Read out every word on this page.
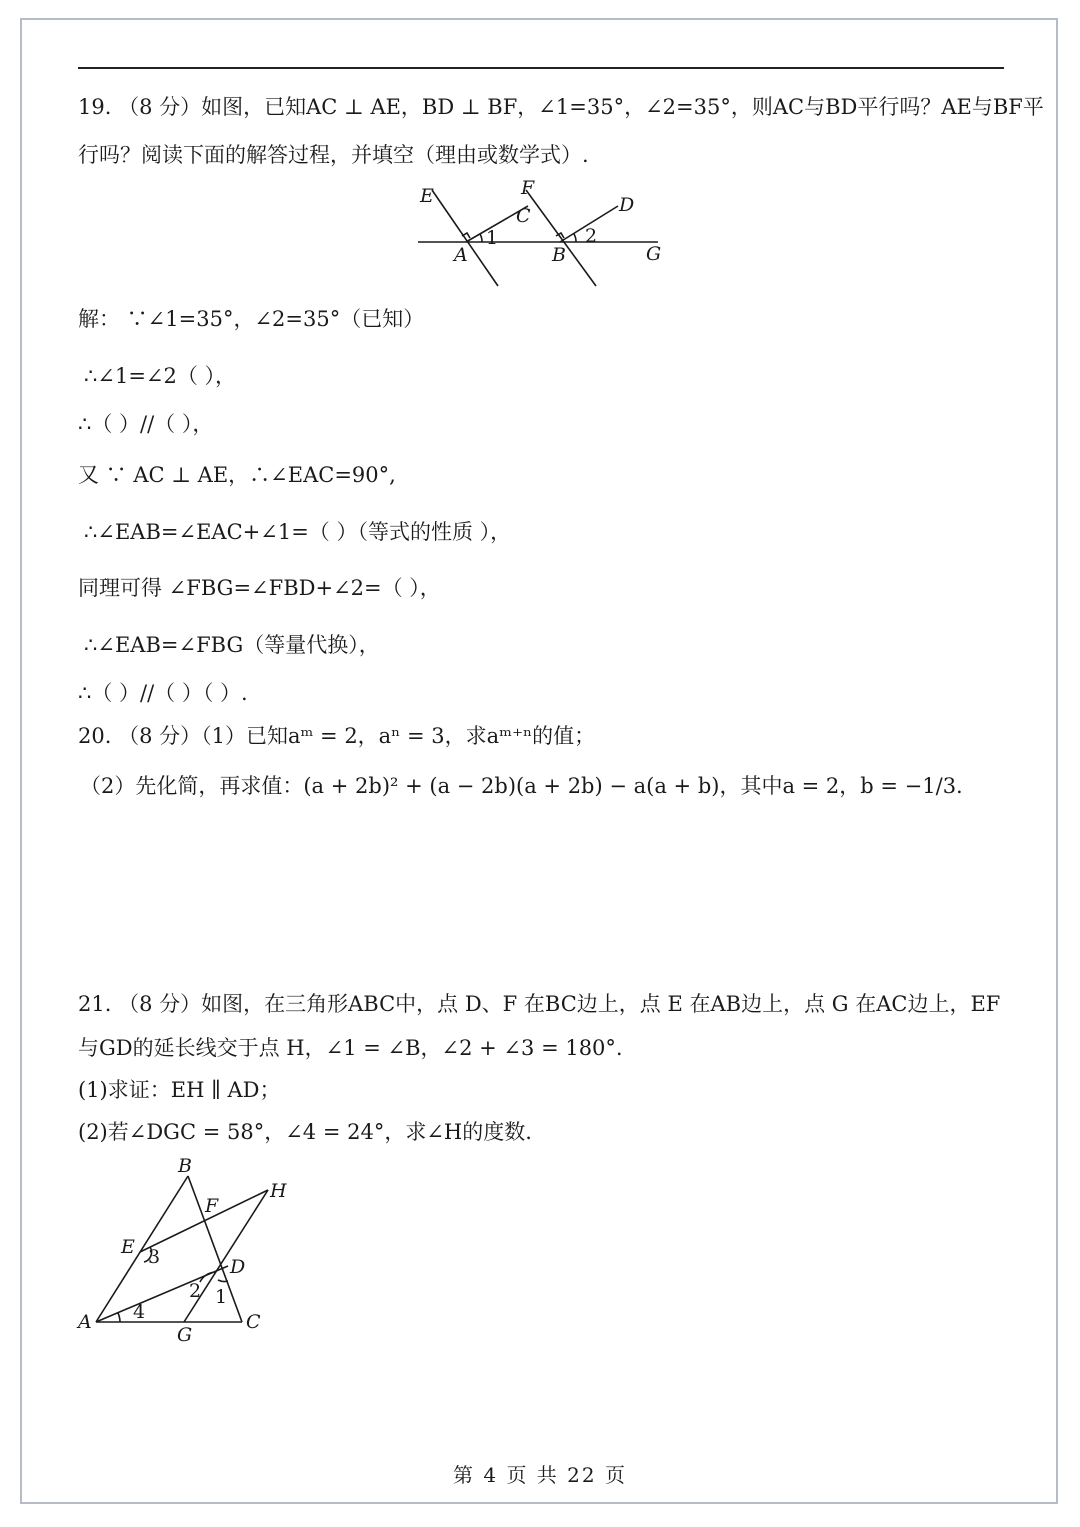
19. （8 分）如图，已知AC ⊥ AE，BD ⊥ BF，∠1=35°，∠2=35°，则AC与BD平行吗？AE与BF平
行吗？阅读下面的解答过程，并填空（理由或数学式）.
E	F
C	D
A	B	G
1	2
解： ∵∠1=35°，∠2=35°（已知）
∴∠1=∠2（ ），
∴（ ）//（ ），
又 ∵ AC ⊥ AE，∴∠EAC=90°,
∴∠EAB=∠EAC+∠1=（ ）（等式的性质 ），
同理可得 ∠FBG=∠FBD+∠2=（ ），
∴∠EAB=∠FBG（等量代换），
∴（ ）//（ ）（ ）.
20. （8 分）（1）已知aᵐ = 2，aⁿ = 3，求aᵐ⁺ⁿ的值；
（2）先化简，再求值：(a + 2b)² + (a − 2b)(a + 2b) − a(a + b)，其中a = 2，b = −1/3.
21. （8 分）如图，在三角形ABC中，点 D、F 在BC边上，点 E 在AB边上，点 G 在AC边上，EF
与GD的延长线交于点 H，∠1 = ∠B，∠2 + ∠3 = 180°.
(1)求证：EH ∥ AD；
(2)若∠DGC = 58°，∠4 = 24°，求∠H的度数.
B
H
F
E
D
A
G
C
3
2 1
4
第 4 页 共 22 页
